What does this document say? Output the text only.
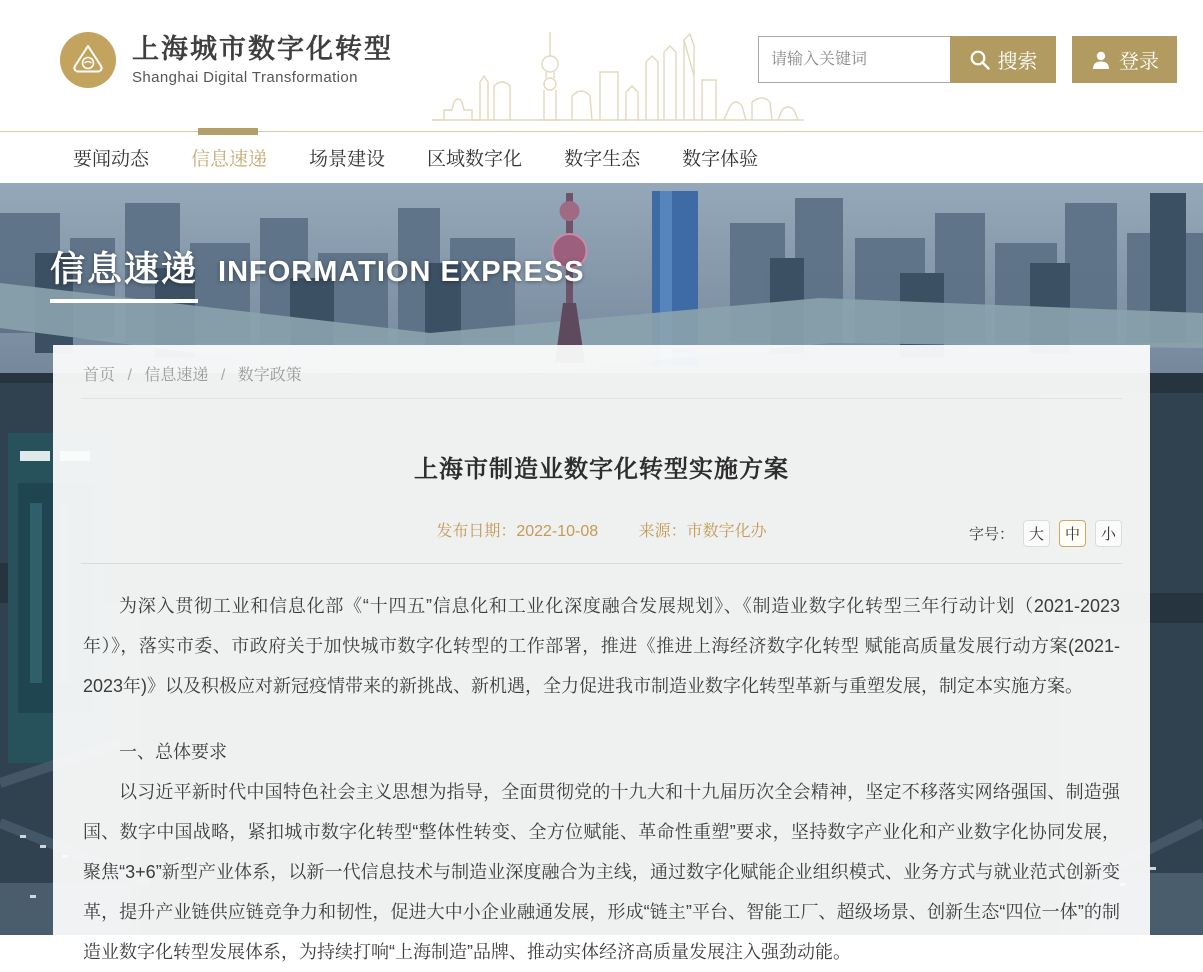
上海城市数字化转型
Shanghai Digital Transformation
请输入关键词
搜索	登录
要闻动态 信息速递 场景建设 区域数字化 数字生态 数字体验
信息速递 INFORMATION EXPRESS
首页 / 信息速递 / 数字政策
上海市制造业数字化转型实施方案
发布日期：2022-10-08	来源：市数字化办	字号： 大	中	小

为深入贯彻工业和信息化部《“十四五”信息化和工业化深度融合发展规划》、《制造业数字化转型三年行动计划（2021-2023年）》，落实市委、市政府关于加快城市数字化转型的工作部署，推进《推进上海经济数字化转型 赋能高质量发展行动方案(2021-2023年)》以及积极应对新冠疫情带来的新挑战、新机遇，全力促进我市制造业数字化转型革新与重塑发展，制定本实施方案。

一、总体要求

以习近平新时代中国特色社会主义思想为指导，全面贯彻党的十九大和十九届历次全会精神，坚定不移落实网络强国、制造强国、数字中国战略，紧扣城市数字化转型“整体性转变、全方位赋能、革命性重塑”要求，坚持数字产业化和产业数字化协同发展，聚焦“3+6”新型产业体系，以新一代信息技术与制造业深度融合为主线，通过数字化赋能企业组织模式、业务方式与就业范式创新变革，提升产业链供应链竞争力和韧性，促进大中小企业融通发展，形成“链主”平台、智能工厂、超级场景、创新生态“四位一体”的制造业数字化转型发展体系，为持续打响“上海制造”品牌、推动实体经济高质量发展注入强劲动能。
